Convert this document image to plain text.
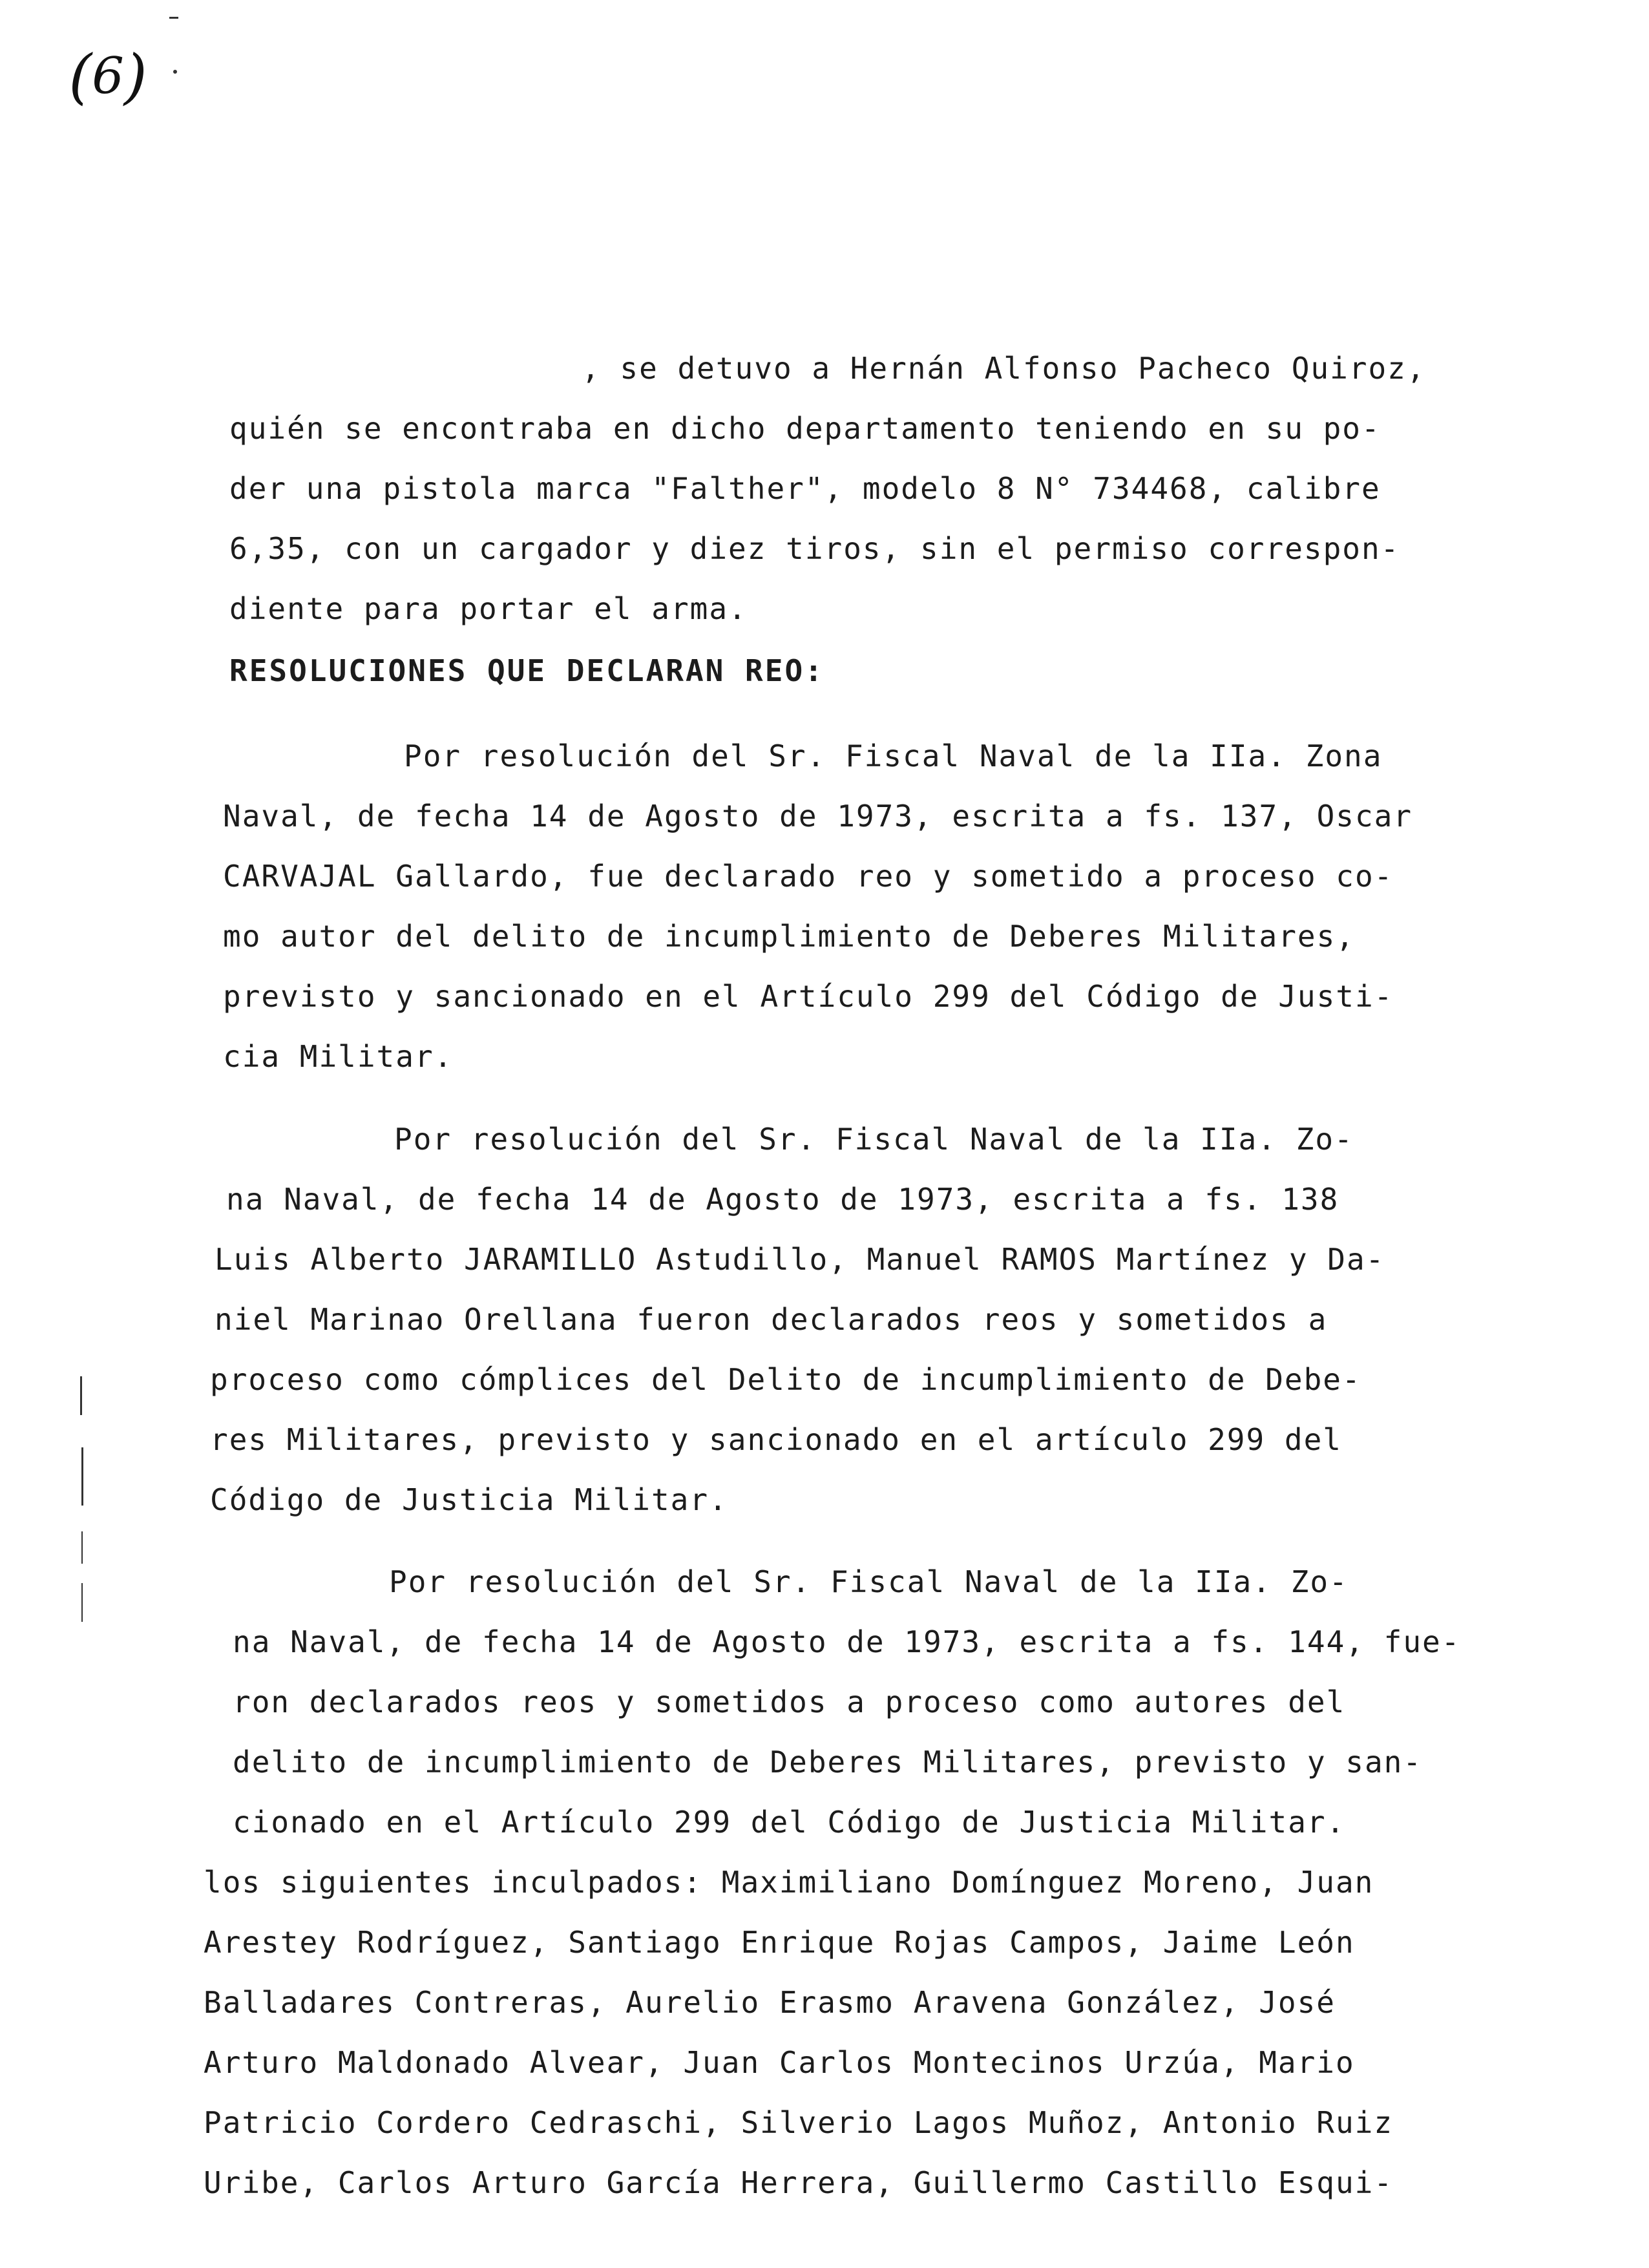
( 6 )
, se detuvo a Hernán Alfonso Pacheco Quiroz,
quién se encontraba en dicho departamento teniendo en su po-
der una pistola marca "Falther", modelo 8 N° 734468, calibre
6,35, con un cargador y diez tiros, sin el permiso correspon-
diente para portar el arma.
RESOLUCIONES QUE DECLARAN REO:
Por resolución del Sr. Fiscal Naval de la IIa. Zona
Naval, de fecha 14 de Agosto de 1973, escrita a fs. 137, Oscar
CARVAJAL Gallardo, fue declarado reo y sometido a proceso co-
mo autor del delito de incumplimiento de Deberes Militares,
previsto y sancionado en el Artículo 299 del Código de Justi-
cia Militar.
Por resolución del Sr. Fiscal Naval de la IIa. Zo-
na Naval, de fecha 14 de Agosto de 1973, escrita a fs. 138
Luis Alberto JARAMILLO Astudillo, Manuel RAMOS Martínez y Da-
niel Marinao Orellana fueron declarados reos y sometidos a
proceso como cómplices del Delito de incumplimiento de Debe-
res Militares, previsto y sancionado en el artículo 299 del
Código de Justicia Militar.
Por resolución del Sr. Fiscal Naval de la IIa. Zo-
na Naval, de fecha 14 de Agosto de 1973, escrita a fs. 144, fue-
ron declarados reos y sometidos a proceso como autores del
delito de incumplimiento de Deberes Militares, previsto y san-
cionado en el Artículo 299 del Código de Justicia Militar.
los siguientes inculpados: Maximiliano Domínguez Moreno, Juan
Arestey Rodríguez, Santiago Enrique Rojas Campos, Jaime León
Balladares Contreras, Aurelio Erasmo Aravena González, José
Arturo Maldonado Alvear, Juan Carlos Montecinos Urzúa, Mario
Patricio Cordero Cedraschi, Silverio Lagos Muñoz, Antonio Ruiz
Uribe, Carlos Arturo García Herrera, Guillermo Castillo Esqui-
